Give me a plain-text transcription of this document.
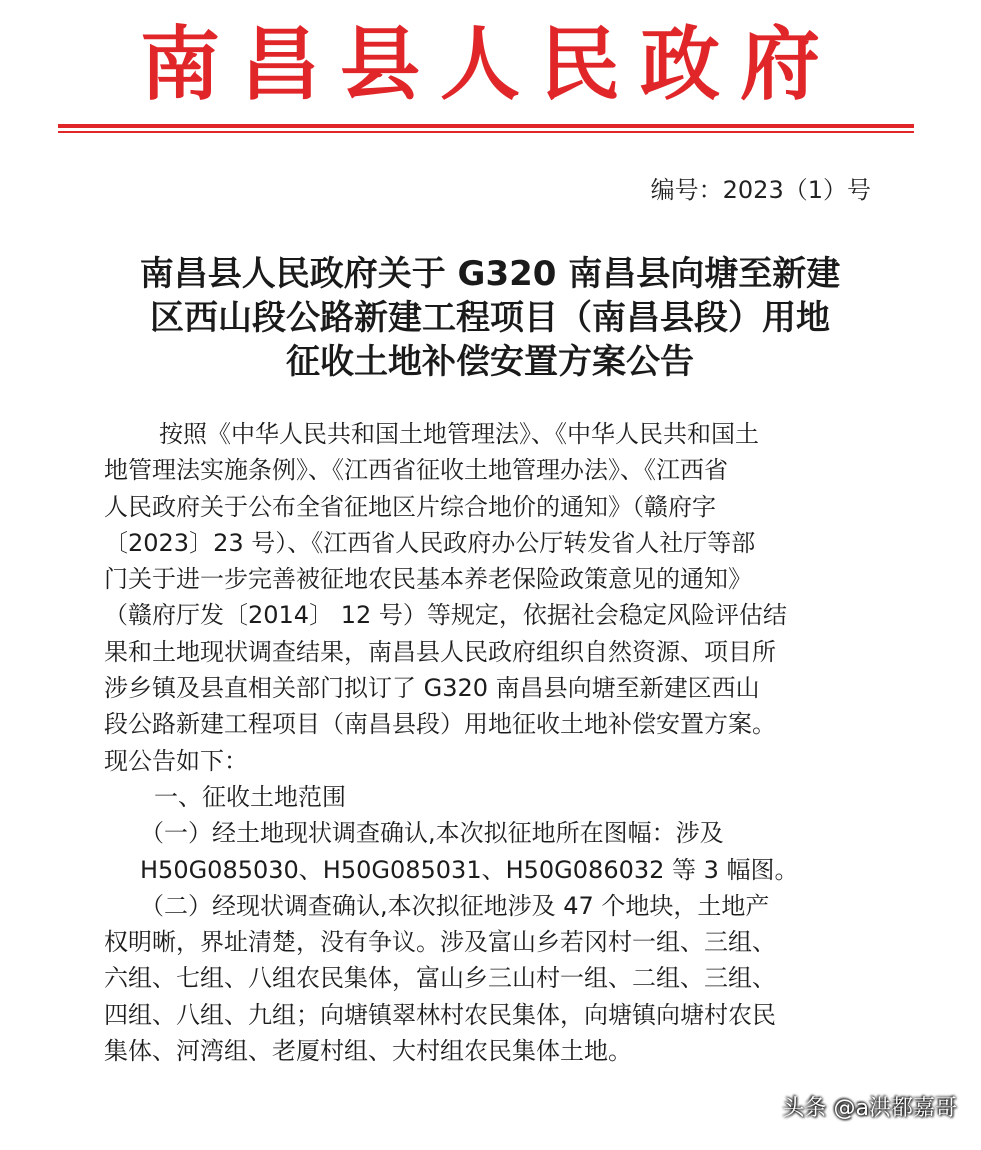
南昌县人民政府
编号：2023（1）号
南昌县人民政府关于 G320 南昌县向塘至新建
区西山段公路新建工程项目（南昌县段）用地
征收土地补偿安置方案公告

按照《中华人民共和国土地管理法》、《中华人民共和国土

地管理法实施条例》、《江西省征收土地管理办法》、《江西省

人民政府关于公布全省征地区片综合地价的通知》（赣府字

〔2023〕23 号）、《江西省人民政府办公厅转发省人社厅等部

门关于进一步完善被征地农民基本养老保险政策意见的通知》

（赣府厅发〔2014〕 12 号）等规定，依据社会稳定风险评估结

果和土地现状调查结果，南昌县人民政府组织自然资源、项目所

涉乡镇及县直相关部门拟订了 G320 南昌县向塘至新建区西山

段公路新建工程项目（南昌县段）用地征收土地补偿安置方案。

现公告如下：

一、征收土地范围

（一）经土地现状调查确认,本次拟征地所在图幅：涉及

H50G085030、H50G085031、H50G086032 等 3 幅图。

（二）经现状调查确认,本次拟征地涉及 47 个地块，土地产

权明晰，界址清楚，没有争议。涉及富山乡若冈村一组、三组、

六组、七组、八组农民集体，富山乡三山村一组、二组、三组、

四组、八组、九组；向塘镇翠林村农民集体，向塘镇向塘村农民

集体、河湾组、老厦村组、大村组农民集体土地。

头条 @a洪都嘉哥
